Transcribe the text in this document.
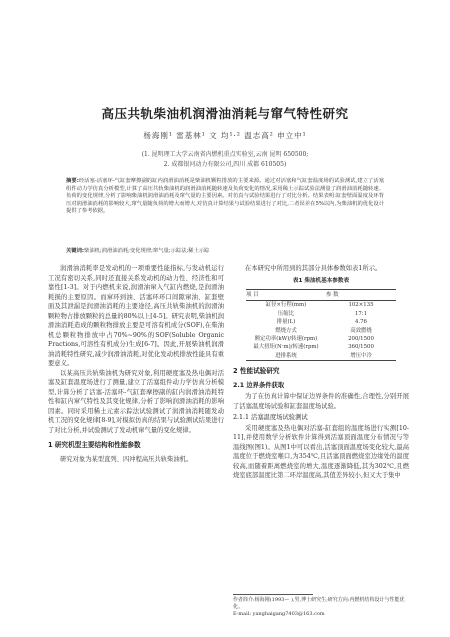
高压共轨柴油机润滑油消耗与窜气特性研究
杨海刚¹ 雷基林¹ 文 均¹·² 温志高² 申立中¹
(1. 昆明理工大学云南省内燃机重点实验室,云南 昆明 650500;
2. 成都银河动力有限公司,四川 成都 610505)
摘要:经活塞-活塞环-气缸套摩擦副的缸内润滑油消耗是柴油机颗粒排放的主要来源。通过对活塞和气缸套温度场的试验测试,建立了活塞组件动力学仿真分析模型,计算了高压共轨柴油机的润滑油消耗随转速及负荷变化的情况,采用稀土示踪试验法测量了润滑油消耗随转速、负荷的变化规律,分析了影响柴油机润滑油消耗及窜气量的主要因素。对仿真与试验结果进行了对比分析。结果表明:缸套壁面温度及环背压对润滑油消耗的影响较大,窜气量随负荷的增大而增大,对仿真计算结果与试验结果进行了对比,二者误差在5%以内,为柴油机的优化设计提供了参考依据。
关键词:柴油机;润滑油消耗;变化规律;窜气量;示踪法;稀土示踪

润滑油消耗率是发动机的一项重要性能指标,与发动机运行工况有密切关系,同时还直接关系发动机的动力性、经济性和可靠性[1-3]。对于内燃机来说,润滑油窜入气缸内燃烧,是润滑油耗损的主要原因。而窜环到油、活塞环环口间隙窜油、缸套壁面及其泄漏是润滑油消耗的主要途径,高压共轨柴油机的润滑油颗粒物占排放颗粒的总量的80%以上[4-5]。研究表明,柴油机润滑油消耗造成的颗粒物排放主要是可溶有机成分(SOF),在柴油机总颗粒物排放中占70%~90%的SOF(Soluble Organic Fractions,可溶性有机成分)生成[6-7]。因此,开展柴油机润滑油消耗特性研究,减少润滑油消耗,对优化发动机排放性能具有重要意义。

以某高压共轨柴油机为研究对象,利用硬度塞及热电偶对活塞及缸套温度场进行了测量,建立了活塞组件动力学仿真分析模型,计算分析了活塞-活塞环-气缸套摩擦副的缸内润滑油消耗特性和缸内窜气特性及其变化规律,分析了影响润滑油消耗的影响因素。同时采用稀土元素示踪法试验测试了润滑油消耗随发动机工况的变化规律[8-9],对模拟仿真的结果与试验测试结果进行了对比分析,并试验测试了发动机窜气量的变化规律。

1 研究机型主要结构和性能参数

研究对象为某型直列、四冲程高压共轨柴油机。

在本研究中所用到的其部分具体参数如表1所示。

表1 柴油机基本参数表
项 目	参 数
缸径×行程(mm)	102×135
压缩比	17:1
排量(L)	4.76
燃烧方式	高效燃烧
额定功率(kW)/转速(rpm)	200/1500
最大扭矩(N·m)/转速(rpm)	360/1500
进排系统	增压中冷
2 性能试验研究
2.1 边界条件获取

为了在仿真计算中保证边界条件的准确性,合理性,分别开展了活塞温度场试验和缸套温度场试验。

2.1.1 活塞温度场试验测试

采用硬度塞及热电偶对活塞-缸套组的温度场进行实测[10-11],并使用数学分析软件计算得到活塞顶面温度分布情况与等温线图(图1)。从图1中可以看出,活塞顶面温度场变化较大,最高温度位于燃烧室喉口,为354℃,且活塞顶面燃烧室边缘处的温度较高,而随着距离燃烧室的增大,温度逐渐降低,其为302℃,且燃烧室底部温度比第二环岸温度高,其值差异较小,但又大于集中

作者简介:杨海刚(1993— ),男,博士研究生;研究方向:内燃机结构设计与性能优化。
E-mail: yanghaigang7403@163.com
